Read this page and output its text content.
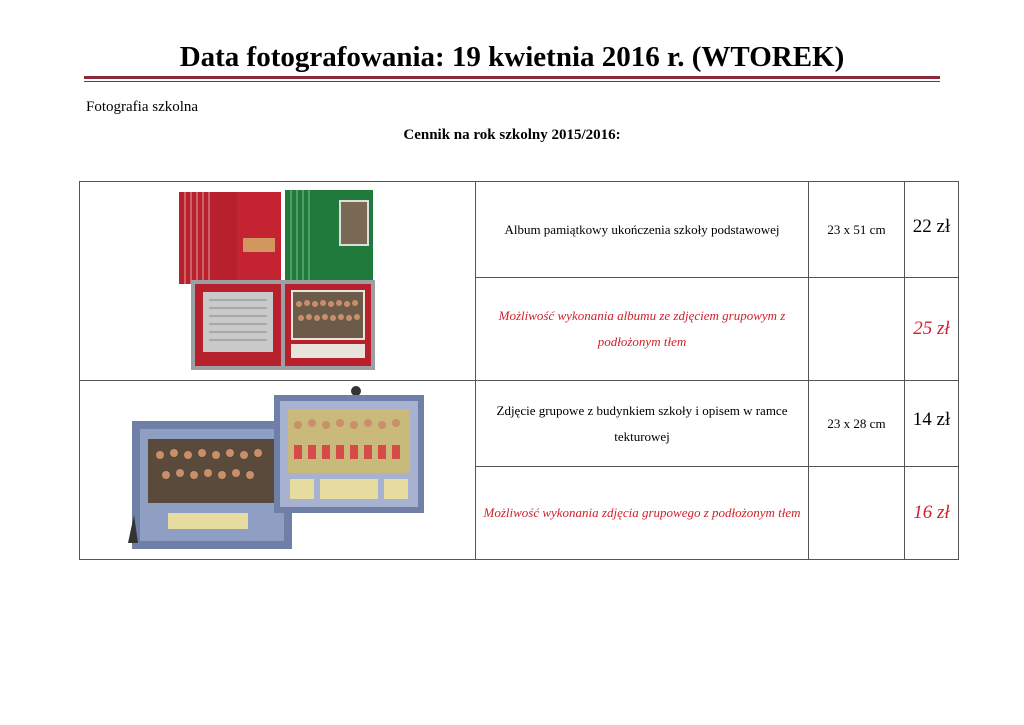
Data fotografowania: 19 kwietnia 2016 r. (WTOREK)
Fotografia szkolna
Cennik na rok szkolny 2015/2016:
	Album pamiątkowy ukończenia szkoły podstawowej	23 x 51 cm	22 zł
	Możliwość wykonania albumu ze zdjęciem grupowym z podłożonym tłem		25 zł

	Zdjęcie grupowe z budynkiem szkoły i opisem w ramce tekturowej	23 x 28 cm	14 zł
	Możliwość wykonania zdjęcia grupowego z podłożonym tłem		16 zł
